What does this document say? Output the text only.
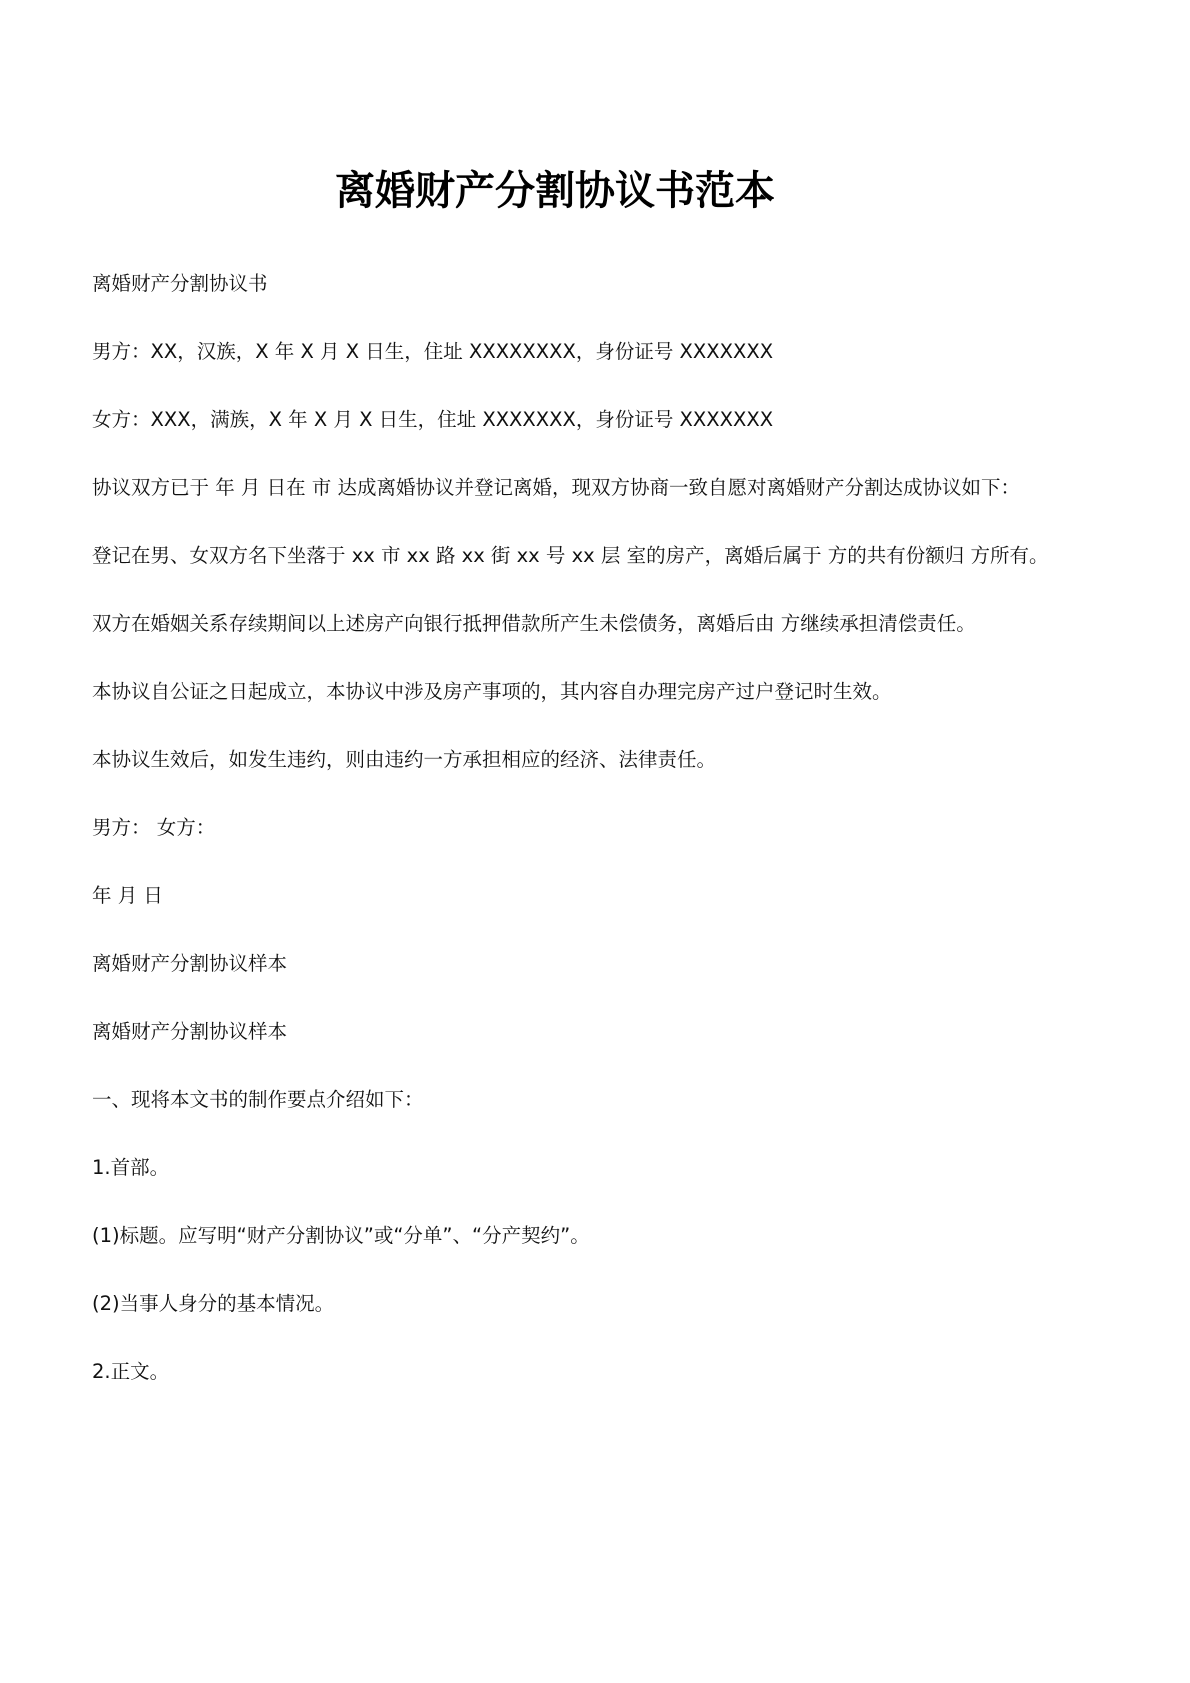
离婚财产分割协议书范本

离婚财产分割协议书

男方：XX，汉族，X 年 X 月 X 日生，住址 XXXXXXXX，身份证号 XXXXXXX

女方：XXX，满族，X 年 X 月 X 日生，住址 XXXXXXX，身份证号 XXXXXXX

协议双方已于 年 月 日在 市 达成离婚协议并登记离婚，现双方协商一致自愿对离婚财产分割达成协议如下：

登记在男、女双方名下坐落于 xx 市 xx 路 xx 街 xx 号 xx 层 室的房产，离婚后属于 方的共有份额归 方所有。

双方在婚姻关系存续期间以上述房产向银行抵押借款所产生未偿债务，离婚后由 方继续承担清偿责任。

本协议自公证之日起成立，本协议中涉及房产事项的，其内容自办理完房产过户登记时生效。

本协议生效后，如发生违约，则由违约一方承担相应的经济、法律责任。

男方： 女方：

年 月 日

离婚财产分割协议样本

离婚财产分割协议样本

一、现将本文书的制作要点介绍如下：

1.首部。

(1)标题。应写明“财产分割协议”或“分单”、“分产契约”。

(2)当事人身分的基本情况。

2.正文。
